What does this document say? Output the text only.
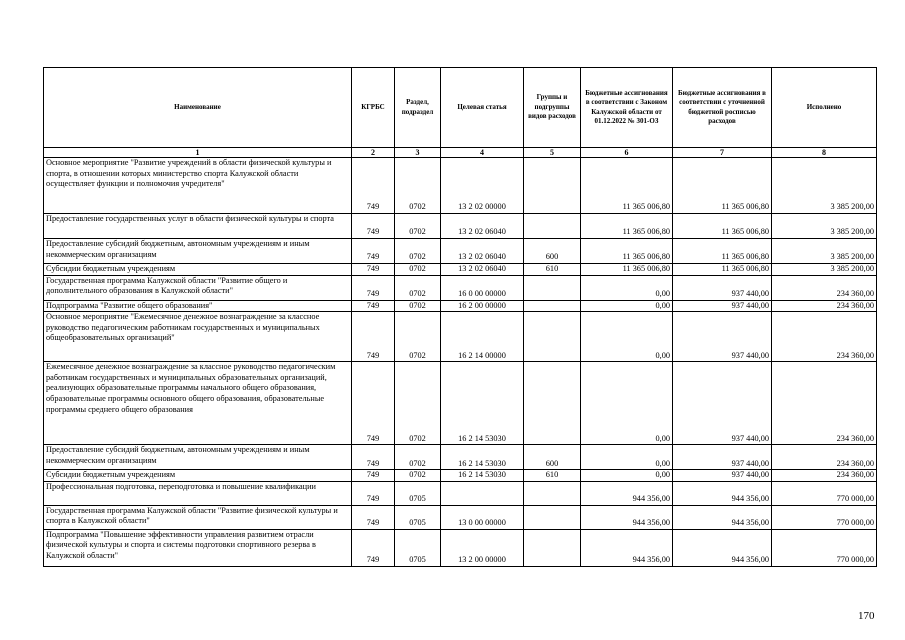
Наименование	КГРБС	Раздел, подраздел	Целевая статья	Группы и подгруппы видов расходов	Бюджетные ассигнования в соответствии с Законом Калужской области от 01.12.2022 № 301-ОЗ	Бюджетные ассигнования в соответствии с уточненной бюджетной росписью расходов	Исполнено
1	2	3	4	5	6	7	8
Основное мероприятие "Развитие учреждений в области физической культуры и спорта, в отношении которых министерство спорта Калужской области осуществляет функции и полномочия учредителя"	749	0702	13 2 02 00000		11 365 006,80	11 365 006,80	3 385 200,00
Предоставление государственных услуг в области физической культуры и спорта	749	0702	13 2 02 06040		11 365 006,80	11 365 006,80	3 385 200,00
Предоставление субсидий бюджетным, автономным учреждениям и иным некоммерческим организациям	749	0702	13 2 02 06040	600	11 365 006,80	11 365 006,80	3 385 200,00
Субсидии бюджетным учреждениям	749	0702	13 2 02 06040	610	11 365 006,80	11 365 006,80	3 385 200,00
Государственная программа Калужской области "Развитие общего и дополнительного образования в Калужской области"	749	0702	16 0 00 00000		0,00	937 440,00	234 360,00
Подпрограмма "Развитие общего образования"	749	0702	16 2 00 00000		0,00	937 440,00	234 360,00
Основное мероприятие "Ежемесячное денежное вознаграждение за классное руководство педагогическим работникам государственных и муниципальных общеобразовательных организаций"	749	0702	16 2 14 00000		0,00	937 440,00	234 360,00
Ежемесячное денежное вознаграждение за классное руководство педагогическим работникам государственных и муниципальных образовательных организаций, реализующих образовательные программы начального общего образования, образовательные программы основного общего образования, образовательные программы среднего общего образования	749	0702	16 2 14 53030		0,00	937 440,00	234 360,00
Предоставление субсидий бюджетным, автономным учреждениям и иным некоммерческим организациям	749	0702	16 2 14 53030	600	0,00	937 440,00	234 360,00
Субсидии бюджетным учреждениям	749	0702	16 2 14 53030	610	0,00	937 440,00	234 360,00
Профессиональная подготовка, переподготовка и повышение квалификации	749	0705			944 356,00	944 356,00	770 000,00
Государственная программа Калужской области "Развитие физической культуры и спорта в Калужской области"	749	0705	13 0 00 00000		944 356,00	944 356,00	770 000,00
Подпрограмма "Повышение эффективности управления развитием отрасли физической культуры и спорта и системы подготовки спортивного резерва в Калужской области"	749	0705	13 2 00 00000		944 356,00	944 356,00	770 000,00
170
